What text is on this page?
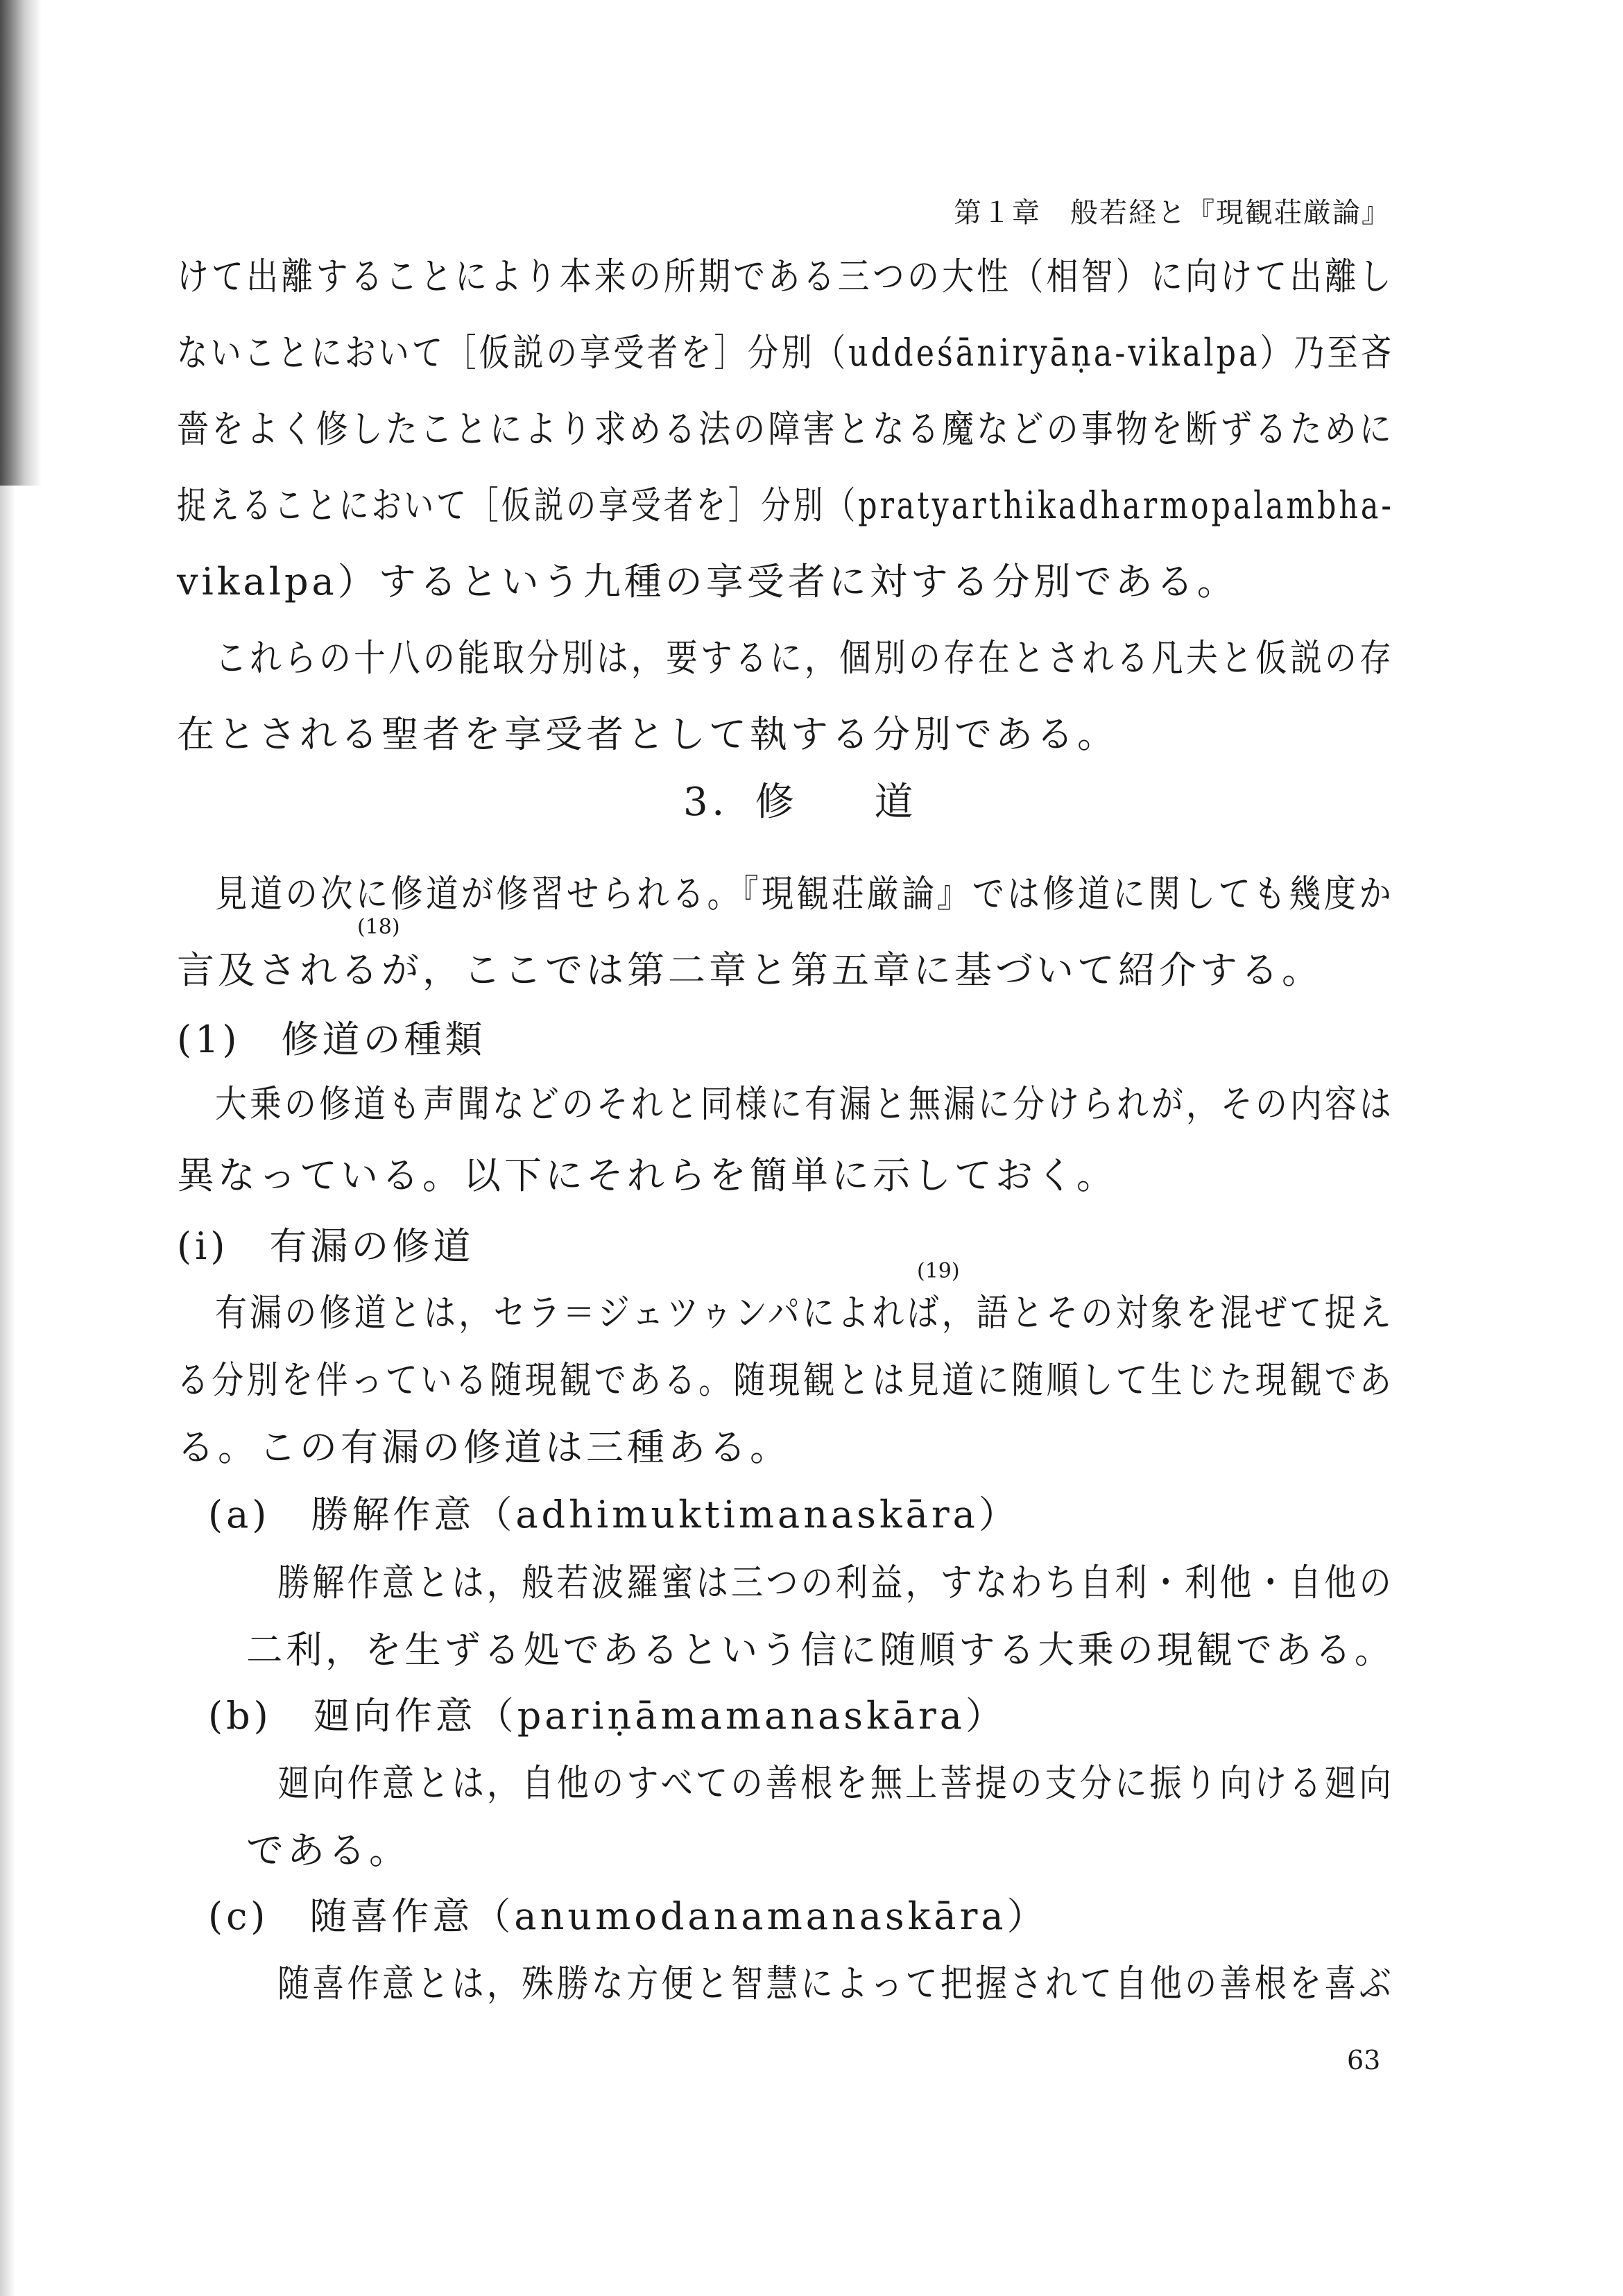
第１章　般若経と『現観荘厳論』
けて出離することにより本来の所期である三つの大性（相智）に向けて出離し
ないことにおいて［仮説の享受者を］分別（uddeśāniryāṇa-vikalpa）乃至吝
嗇をよく修したことにより求める法の障害となる魔などの事物を断ずるために
捉えることにおいて［仮説の享受者を］分別（pratyarthikadharmopalambha-
vikalpa）するという九種の享受者に対する分別である。
これらの十八の能取分別は，要するに，個別の存在とされる凡夫と仮説の存
在とされる聖者を享受者として執する分別である。
3．修 道
見道の次に修道が修習せられる。『現観荘厳論』では修道に関しても幾度か
(18)
言及されるが，ここでは第二章と第五章に基づいて紹介する。
(1)　修道の種類
大乗の修道も声聞などのそれと同様に有漏と無漏に分けられが，その内容は
異なっている。以下にそれらを簡単に示しておく。
(i)　有漏の修道
(19)
有漏の修道とは，セラ＝ジェツゥンパによれば，語とその対象を混ぜて捉え
る分別を伴っている随現観である。随現観とは見道に随順して生じた現観であ
る。この有漏の修道は三種ある。
(a)　勝解作意（adhimuktimanaskāra）
勝解作意とは，般若波羅蜜は三つの利益，すなわち自利・利他・自他の
二利，を生ずる処であるという信に随順する大乗の現観である。
(b)　廻向作意（pariṇāmamanaskāra）
廻向作意とは，自他のすべての善根を無上菩提の支分に振り向ける廻向
である。
(c)　随喜作意（anumodanamanaskāra）
随喜作意とは，殊勝な方便と智慧によって把握されて自他の善根を喜ぶ
63
